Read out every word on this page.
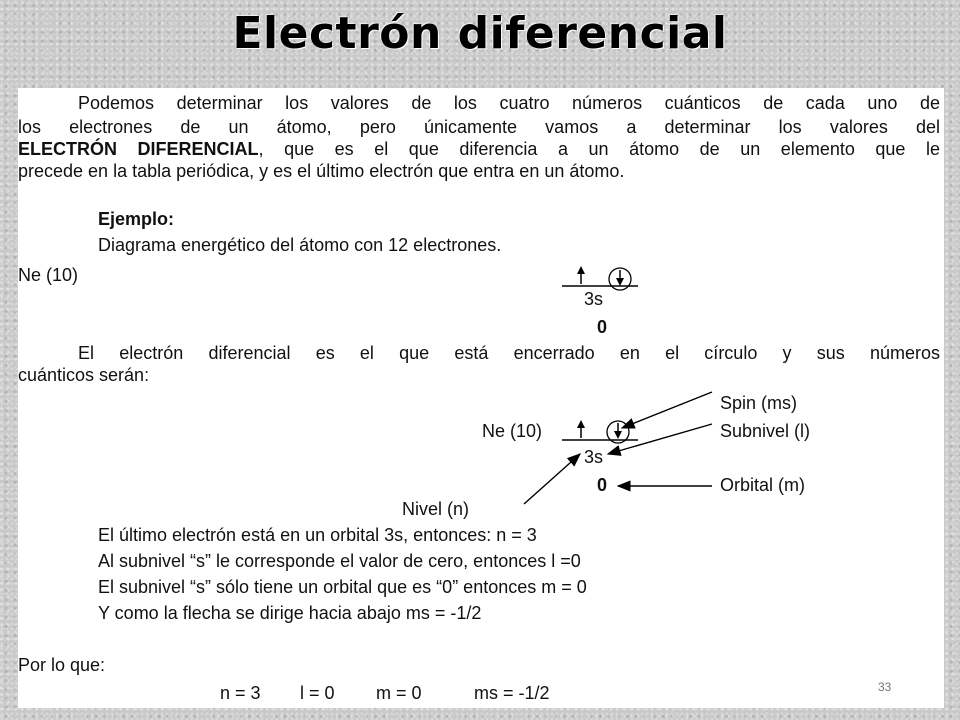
Electrón diferencial
Podemos determinar los valores de los cuatro números cuánticos de cada uno de
los electrones de un átomo, pero únicamente vamos a determinar los valores del
ELECTRÓN DIFERENCIAL, que es el que diferencia a un átomo de un elemento que le
precede en la tabla periódica, y es el último electrón que entra en un átomo.
Ejemplo:
Diagrama energético del átomo con 12 electrones.
Ne (10)
3s
0
El electrón diferencial es el que está encerrado en el círculo y sus números
cuánticos serán:
Ne (10)
3s
0
Spin (ms)
Subnivel (l)
Orbital (m)
Nivel (n)
El último electrón está en un orbital 3s, entonces: n = 3
Al subnivel “s” le corresponde el valor de cero, entonces l =0
El subnivel “s” sólo tiene un orbital que es “0” entonces m = 0
Y como la flecha se dirige hacia abajo ms = -1/2
Por lo que:
n = 3 l = 0 m = 0	ms = -1/2	33
